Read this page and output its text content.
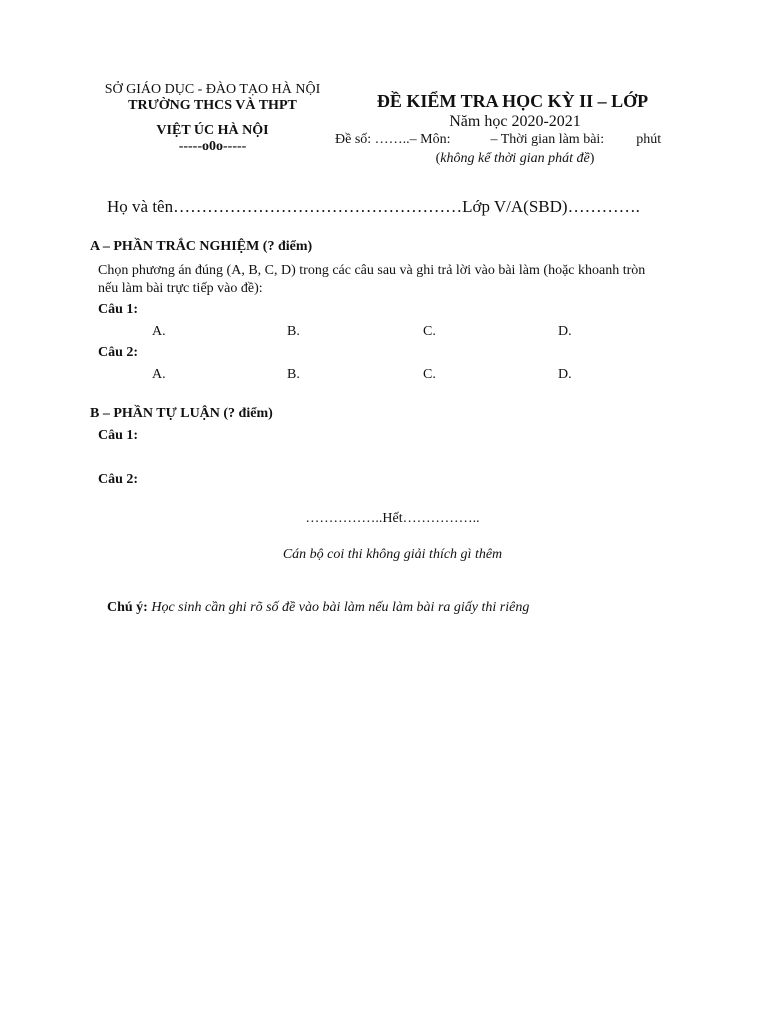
SỞ GIÁO DỤC - ĐÀO TẠO HÀ NỘI
TRƯỜNG THCS VÀ THPT
VIỆT ÚC HÀ NỘI
-----o0o-----
ĐỀ KIỂM TRA HỌC KỲ II – LỚP
Năm học 2020-2021
Đề số: ……..– Môn:	– Thời gian làm bài: phút
(không kể thời gian phát đề)
Họ và tên……………………………………………Lớp V/A(SBD)………….
A – PHẦN TRẮC NGHIỆM (? điểm)
Chọn phương án đúng (A, B, C, D) trong các câu sau và ghi trả lời vào bài làm (hoặc khoanh tròn nếu làm bài trực tiếp vào đề):
Câu 1:
A.	B.	C.	D.
Câu 2:
A.	B.	C.	D.
B – PHẦN TỰ LUẬN (? điểm)
Câu 1:
Câu 2:
……………..Hết……………..
Cán bộ coi thi không giải thích gì thêm
Chú ý: Học sinh cần ghi rõ số đề vào bài làm nếu làm bài ra giấy thi riêng
